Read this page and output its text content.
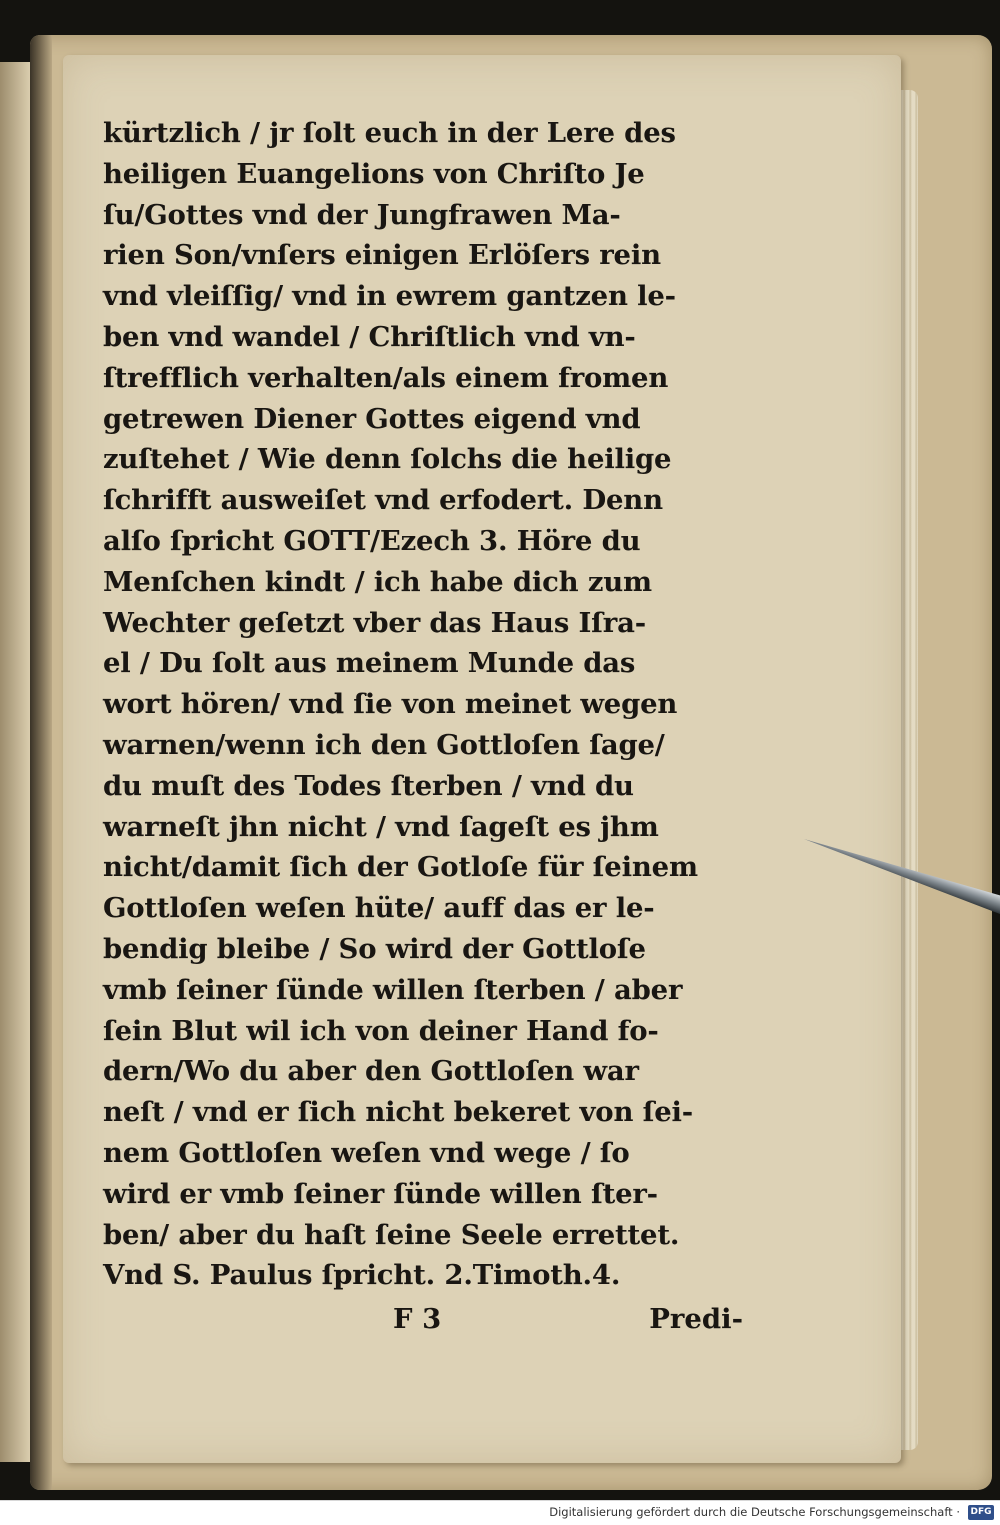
kürtzlich / jr ſolt euch in der Lere des
heiligen Euangelions von Chriſto Je
ſu/Gottes vnd der Jungfrawen Ma-
rien Son/vnſers einigen Erlöſers rein
vnd vleiſſig/ vnd in ewrem gantzen le-
ben vnd wandel / Chriſtlich vnd vn-
ſtrefflich verhalten/als einem fromen
getrewen Diener Gottes eigend vnd
zuſtehet / Wie denn ſolchs die heilige
ſchrifft ausweiſet vnd erfodert. Denn
alſo ſpricht GOTT/Ezech 3. Höre du
Menſchen kindt / ich habe dich zum
Wechter geſetzt vber das Haus Iſra-
el / Du ſolt aus meinem Munde das
wort hören/ vnd ſie von meinet wegen
warnen/wenn ich den Gottloſen ſage/
du muſt des Todes ſterben / vnd du
warneſt jhn nicht / vnd ſageſt es jhm
nicht/damit ſich der Gotloſe für ſeinem
Gottloſen weſen hüte/ auff das er le-
bendig bleibe / So wird der Gottloſe
vmb ſeiner ſünde willen ſterben / aber
ſein Blut wil ich von deiner Hand fo-
dern/Wo du aber den Gottloſen war
neſt / vnd er ſich nicht bekeret von ſei-
nem Gottloſen weſen vnd wege / ſo
wird er vmb ſeiner ſünde willen ſter-
ben/ aber du haſt ſeine Seele errettet.
Vnd S. Paulus ſpricht. 2.Timoth.4.
F 3	Predi-
Digitalisierung gefördert durch die Deutsche Forschungsgemeinschaft · DFG
